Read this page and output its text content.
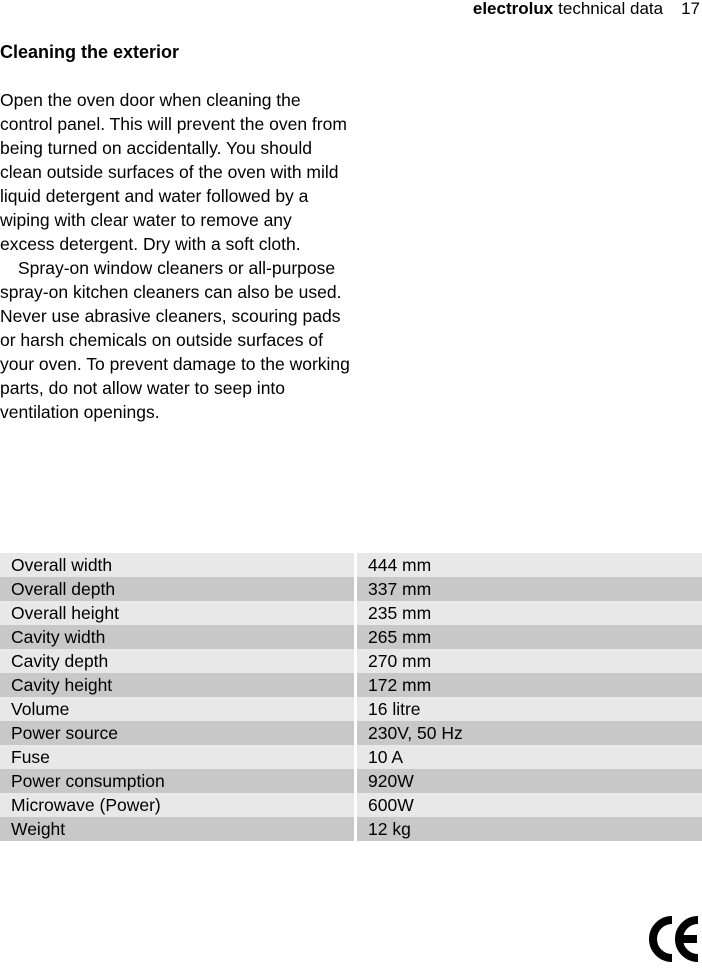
electrolux technical data 17
Cleaning the exterior

Open the oven door when cleaning the control panel. This will prevent the oven from being turned on accidentally. You should clean outside surfaces of the oven with mild liquid detergent and water followed by a wiping with clear water to remove any excess detergent. Dry with a soft cloth.

Spray-on window cleaners or all-purpose spray-on kitchen cleaners can also be used. Never use abrasive cleaners, scouring pads or harsh chemicals on outside surfaces of your oven. To prevent damage to the working parts, do not allow water to seep into ventilation openings.

Overall width	444 mm
Overall depth	337 mm
Overall height	235 mm
Cavity width	265 mm
Cavity depth	270 mm
Cavity height	172 mm
Volume	16 litre
Power source	230V, 50 Hz
Fuse	10 A
Power consumption	920W
Microwave (Power)	600W
Weight	12 kg
